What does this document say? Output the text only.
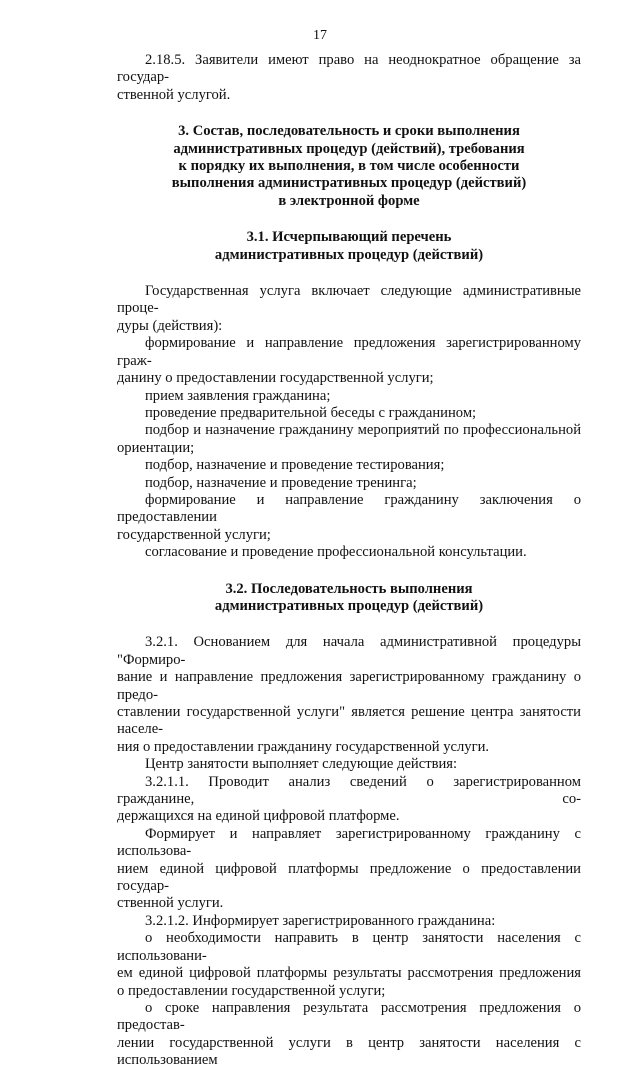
17

2.18.5. Заявители имеют право на неоднократное обращение за государ-

ственной услугой.

3. Состав, последовательность и сроки выполнения

административных процедур (действий), требования

к порядку их выполнения, в том числе особенности

выполнения административных процедур (действий)

в электронной форме

3.1. Исчерпывающий перечень

административных процедур (действий)

Государственная услуга включает следующие административные проце-

дуры (действия):

формирование и направление предложения зарегистрированному граж-

данину о предоставлении государственной услуги;

прием заявления гражданина;

проведение предварительной беседы с гражданином;

подбор и назначение гражданину мероприятий по профессиональной

ориентации;

подбор, назначение и проведение тестирования;

подбор, назначение и проведение тренинга;

формирование и направление гражданину заключения о предоставлении

государственной услуги;

согласование и проведение профессиональной консультации.

3.2. Последовательность выполнения

административных процедур (действий)

3.2.1. Основанием для начала административной процедуры "Формиро-

вание и направление предложения зарегистрированному гражданину о предо-

ставлении государственной услуги" является решение центра занятости населе-

ния о предоставлении гражданину государственной услуги.

Центр занятости выполняет следующие действия:

3.2.1.1. Проводит анализ сведений о зарегистрированном гражданине, со-

держащихся на единой цифровой платформе.

Формирует и направляет зарегистрированному гражданину с использова-

нием единой цифровой платформы предложение о предоставлении государ-

ственной услуги.

3.2.1.2. Информирует зарегистрированного гражданина:

о необходимости направить в центр занятости населения с использовани-

ем единой цифровой платформы результаты рассмотрения предложения

о предоставлении государственной услуги;

о сроке направления результата рассмотрения предложения о предостав-

лении государственной услуги в центр занятости населения с использованием
